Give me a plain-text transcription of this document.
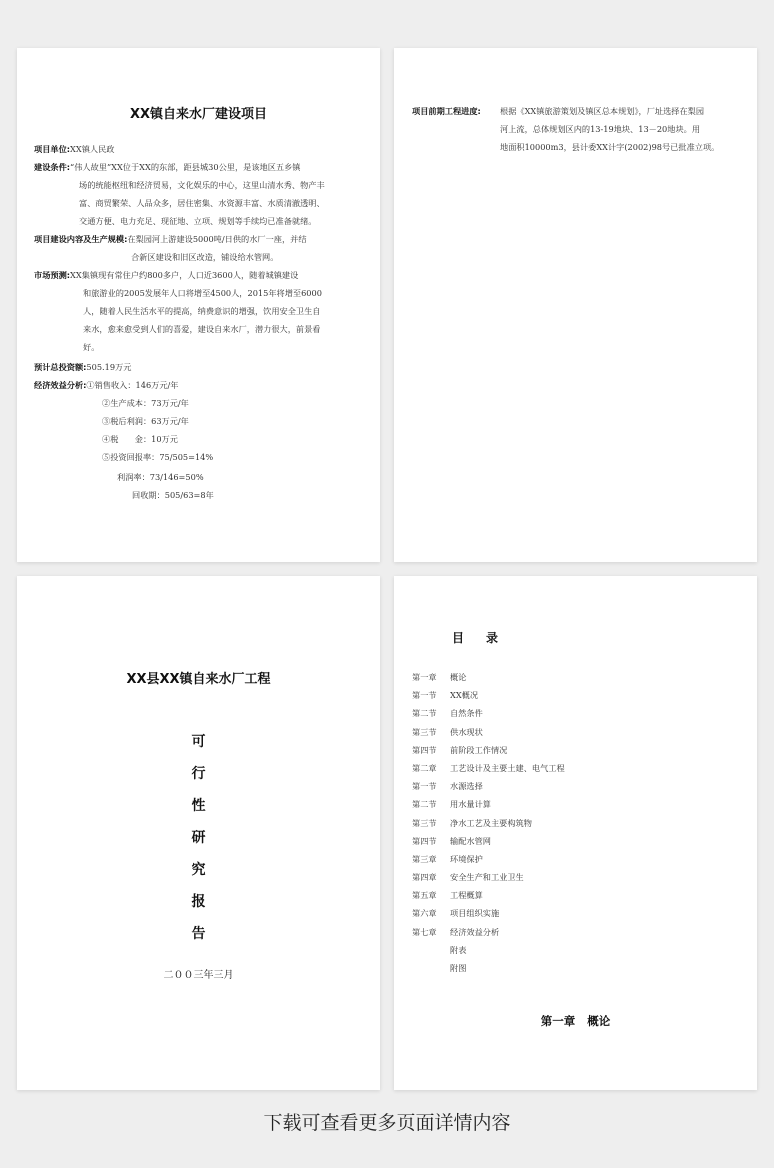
XX镇自来水厂建设项目
项目单位:XX镇人民政
建设条件:“伟人故里”XX位于XX的东部，距县城30公里，是该地区五乡镇
场的统能枢纽和经济贸易，文化娱乐的中心，这里山清水秀、物产丰
富、商贸繁荣、人品众多，居住密集、水资源丰富、水质清澈透明、
交通方便、电力充足、现征地、立项、规划等手续均已准备就绪。
项目建设内容及生产规模:在梨园河上游建设5000吨/日供的水厂一座，并结
合新区建设和旧区改造，铺设给水管网。
市场预测:XX集镇现有常住户约800多户，人口近3600人，随着城镇建设
和旅游业的2005发展年人口将增至4500人，2015年将增至6000
人，随着人民生活水平的提高，纳费意识的增强，饮用安全卫生自
来水，愈来愈受到人们的喜爱，建设自来水厂，潜力很大，前景看
好。
预计总投资额:505.19万元
经济效益分析:①销售收入：146万元/年
②生产成本：73万元/年
③税后利润：63万元/年
④税　　金：10万元
⑤投资回报率：75/505=14%
利润率：73/146=50%
回收期：505/63=8年
项目前期工程进度: 根据《XX镇旅游策划及镇区总本规划》，厂址选择在梨园
河上流，总体规划区内的13-19地块、13－20地块。用
地面积10000m3，县计委XX计字(2002)98号已批准立项。
XX县XX镇自来水厂工程
可
行
性
研
究
报
告
二００三年三月
目录
第一章 概论
第一节 XX概况
第二节 自然条件
第三节 供水现状
第四节 前阶段工作情况
第二章 工艺设计及主要土建、电气工程
第一节 水源选择
第二节 用水量计算
第三节 净水工艺及主要构筑物
第四节 输配水管网
第三章 环境保护
第四章 安全生产和工业卫生
第五章 工程概算
第六章 项目组织实施
第七章 经济效益分析
附表
附图
第一章 概论
下载可查看更多页面详情内容
